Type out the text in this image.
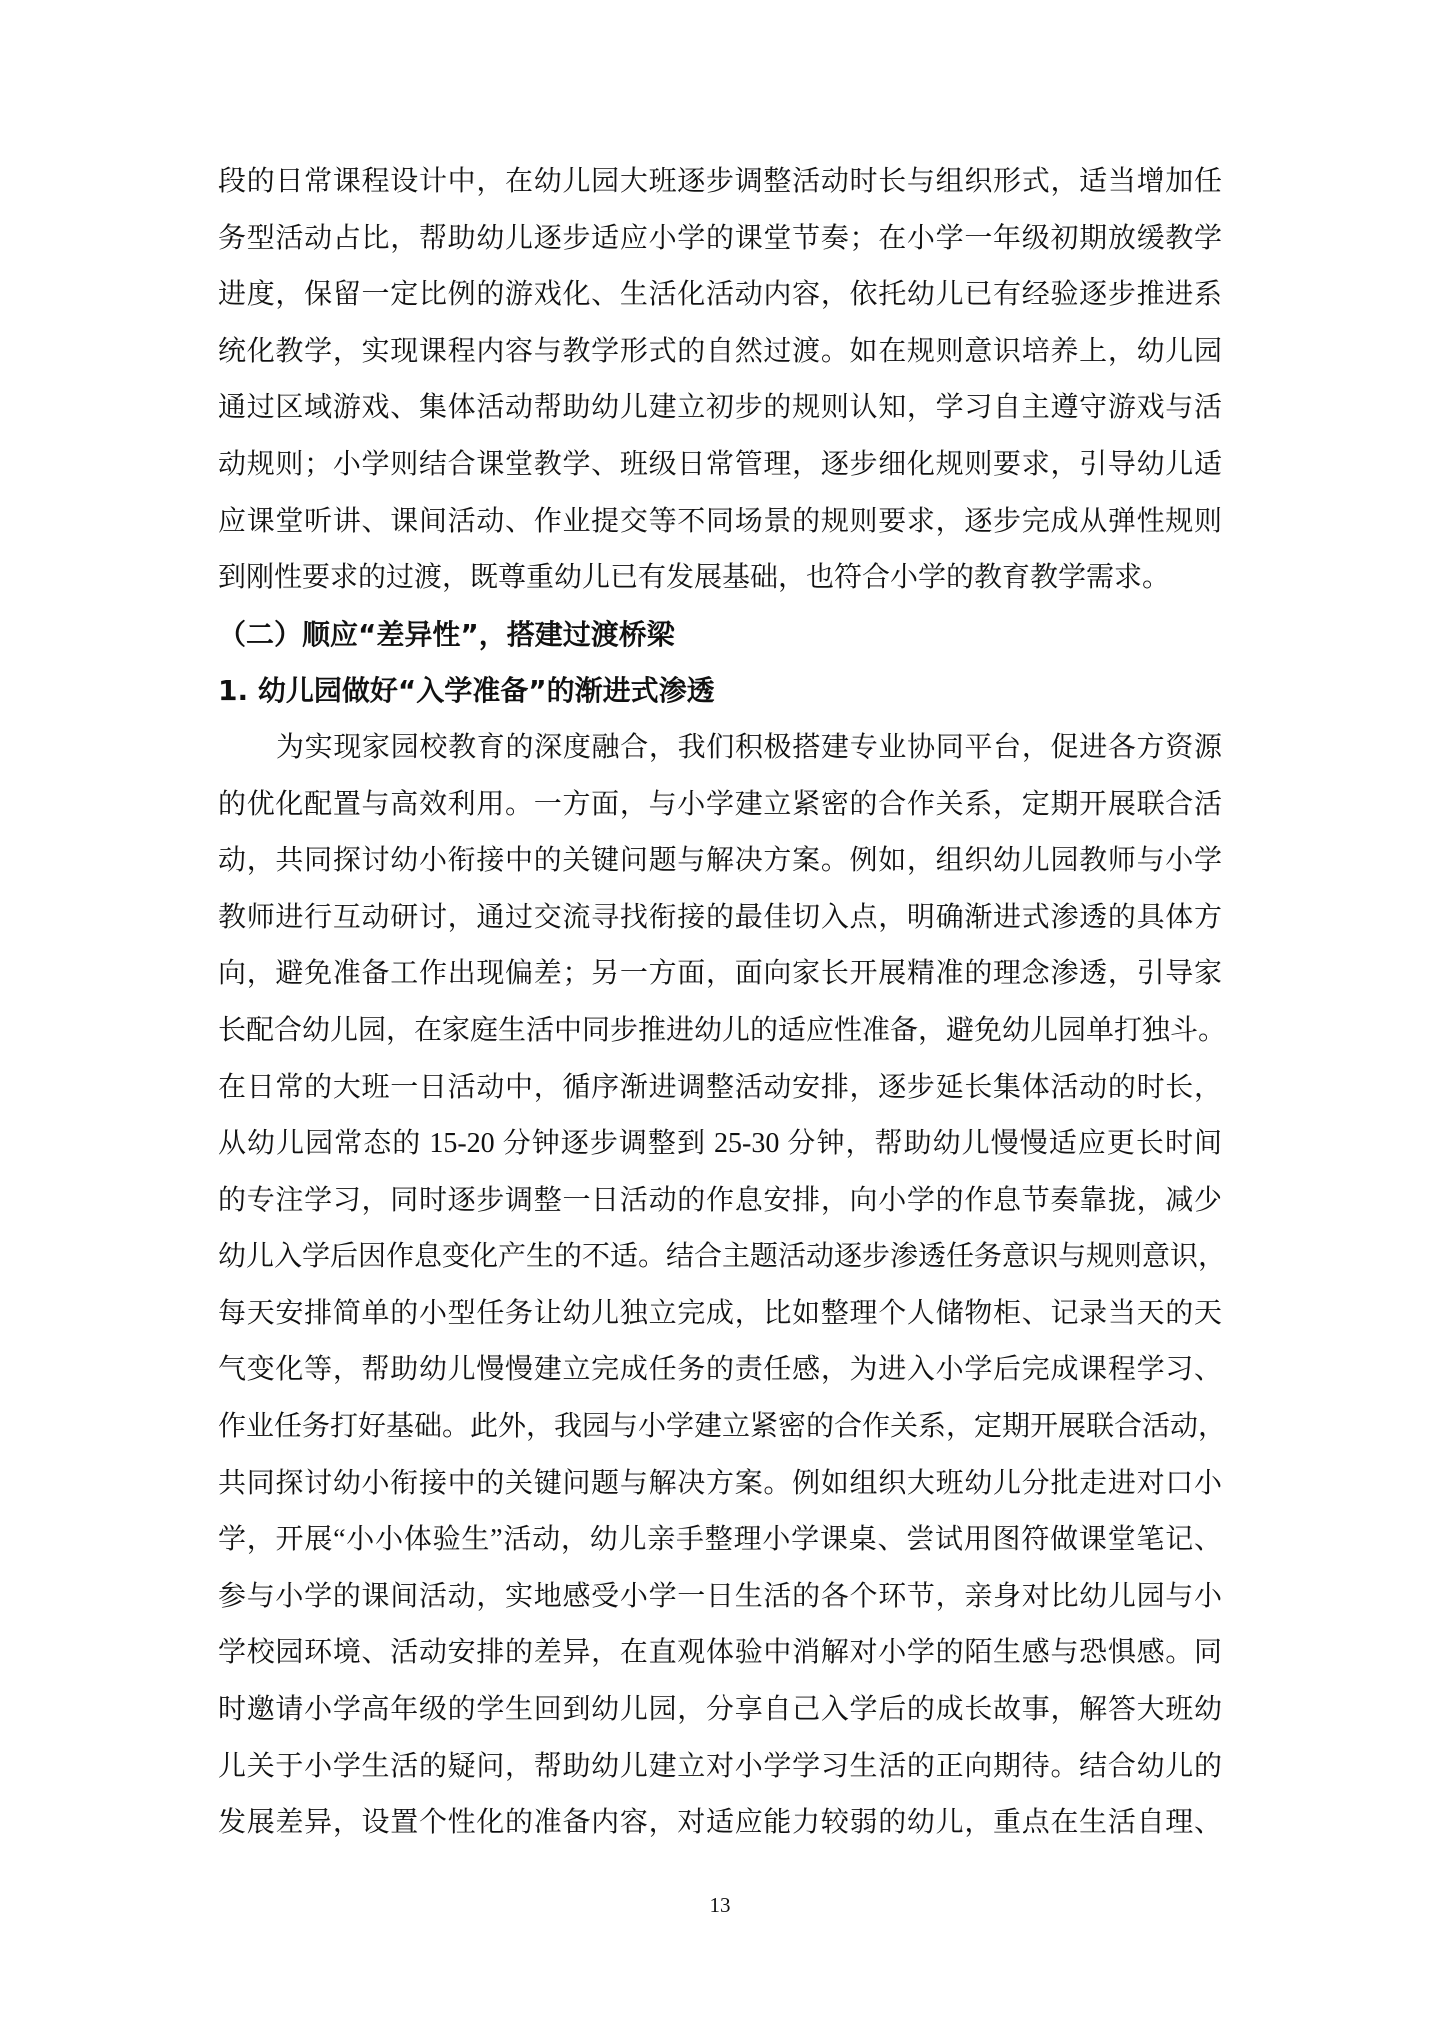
段的日常课程设计中，在幼儿园大班逐步调整活动时长与组织形式，适当增加任
务型活动占比，帮助幼儿逐步适应小学的课堂节奏；在小学一年级初期放缓教学
进度，保留一定比例的游戏化、生活化活动内容，依托幼儿已有经验逐步推进系
统化教学，实现课程内容与教学形式的自然过渡。如在规则意识培养上，幼儿园
通过区域游戏、集体活动帮助幼儿建立初步的规则认知，学习自主遵守游戏与活
动规则；小学则结合课堂教学、班级日常管理，逐步细化规则要求，引导幼儿适
应课堂听讲、课间活动、作业提交等不同场景的规则要求，逐步完成从弹性规则
到刚性要求的过渡，既尊重幼儿已有发展基础，也符合小学的教育教学需求。
（二）顺应“差异性”，搭建过渡桥梁
1. 幼儿园做好“入学准备”的渐进式渗透
为实现家园校教育的深度融合，我们积极搭建专业协同平台，促进各方资源
的优化配置与高效利用。一方面，与小学建立紧密的合作关系，定期开展联合活
动，共同探讨幼小衔接中的关键问题与解决方案。例如，组织幼儿园教师与小学
教师进行互动研讨，通过交流寻找衔接的最佳切入点，明确渐进式渗透的具体方
向，避免准备工作出现偏差；另一方面，面向家长开展精准的理念渗透，引导家
长配合幼儿园，在家庭生活中同步推进幼儿的适应性准备，避免幼儿园单打独斗。
在日常的大班一日活动中，循序渐进调整活动安排，逐步延长集体活动的时长，
从幼儿园常态的 15-20 分钟逐步调整到 25-30 分钟，帮助幼儿慢慢适应更长时间
的专注学习，同时逐步调整一日活动的作息安排，向小学的作息节奏靠拢，减少
幼儿入学后因作息变化产生的不适。结合主题活动逐步渗透任务意识与规则意识，
每天安排简单的小型任务让幼儿独立完成，比如整理个人储物柜、记录当天的天
气变化等，帮助幼儿慢慢建立完成任务的责任感，为进入小学后完成课程学习、
作业任务打好基础。此外，我园与小学建立紧密的合作关系，定期开展联合活动，
共同探讨幼小衔接中的关键问题与解决方案。例如组织大班幼儿分批走进对口小
学，开展“小小体验生”活动，幼儿亲手整理小学课桌、尝试用图符做课堂笔记、
参与小学的课间活动，实地感受小学一日生活的各个环节，亲身对比幼儿园与小
学校园环境、活动安排的差异，在直观体验中消解对小学的陌生感与恐惧感。同
时邀请小学高年级的学生回到幼儿园，分享自己入学后的成长故事，解答大班幼
儿关于小学生活的疑问，帮助幼儿建立对小学学习生活的正向期待。结合幼儿的
发展差异，设置个性化的准备内容，对适应能力较弱的幼儿，重点在生活自理、
13
